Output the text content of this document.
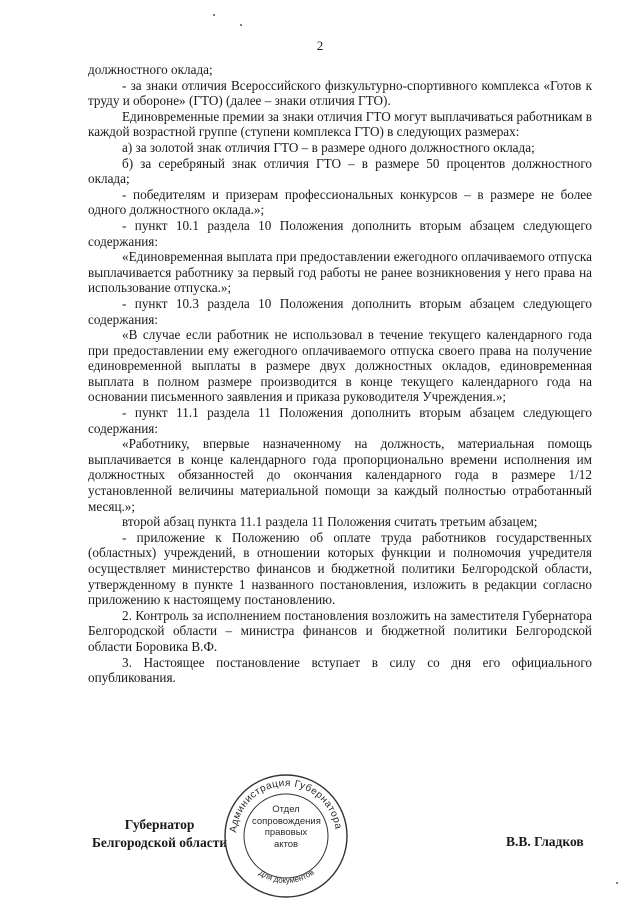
2

должностного оклада;

- за знаки отличия Всероссийского физкультурно-спортивного комплекса «Готов к труду и обороне» (ГТО) (далее – знаки отличия ГТО).

Единовременные премии за знаки отличия ГТО могут выплачиваться работникам в каждой возрастной группе (ступени комплекса ГТО) в следующих размерах:

а) за золотой знак отличия ГТО – в размере одного должностного оклада;

б) за серебряный знак отличия ГТО – в размере 50 процентов должностного оклада;

- победителям и призерам профессиональных конкурсов – в размере не более одного должностного оклада.»;

- пункт 10.1 раздела 10 Положения дополнить вторым абзацем следующего содержания:

«Единовременная выплата при предоставлении ежегодного оплачиваемого отпуска выплачивается работнику за первый год работы не ранее возникновения у него права на использование отпуска.»;

- пункт 10.3 раздела 10 Положения дополнить вторым абзацем следующего содержания:

«В случае если работник не использовал в течение текущего календарного года при предоставлении ему ежегодного оплачиваемого отпуска своего права на получение единовременной выплаты в размере двух должностных окладов, единовременная выплата в полном размере производится в конце текущего календарного года на основании письменного заявления и приказа руководителя Учреждения.»;

- пункт 11.1 раздела 11 Положения дополнить вторым абзацем следующего содержания:

«Работнику, впервые назначенному на должность, материальная помощь выплачивается в конце календарного года пропорционально времени исполнения им должностных обязанностей до окончания календарного года в размере 1/12 установленной величины материальной помощи за каждый полностью отработанный месяц.»;

второй абзац пункта 11.1 раздела 11 Положения считать третьим абзацем;

- приложение к Положению об оплате труда работников государственных (областных) учреждений, в отношении которых функции и полномочия учредителя осуществляет министерство финансов и бюджетной политики Белгородской области, утвержденному в пункте 1 названного постановления, изложить в редакции согласно приложению к настоящему постановлению.

2. Контроль за исполнением постановления возложить на заместителя Губернатора Белгородской области – министра финансов и бюджетной политики Белгородской области Боровика В.Ф.

3. Настоящее постановление вступает в силу со дня его официального опубликования.

Губернатор
Белгородской области
Администрация Губернатора
Для документов
Отдел
сопровождения
правовых
актов	В.В. Гладков
